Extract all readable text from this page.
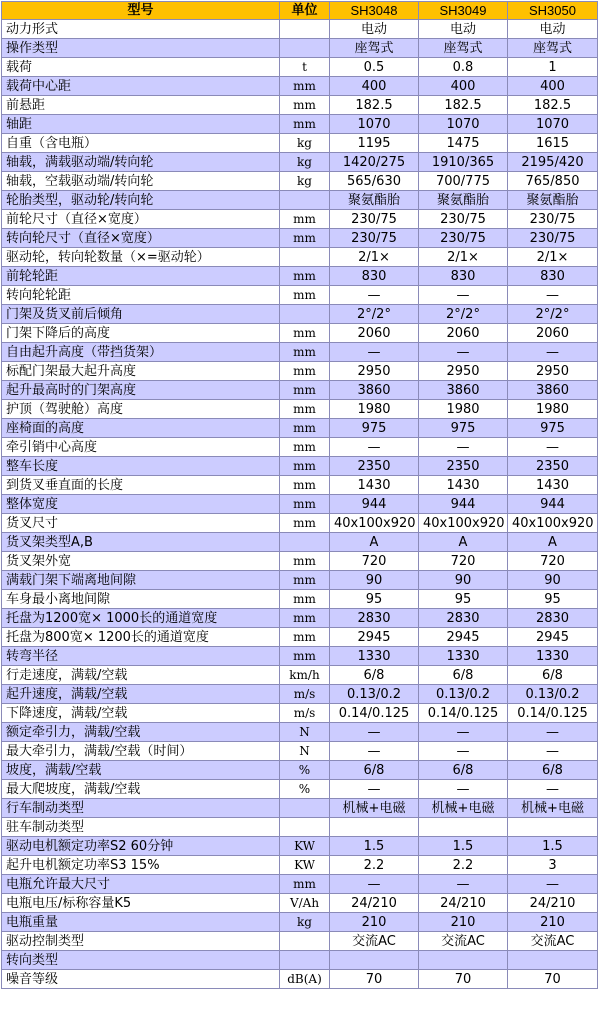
型号	单位	SH3048	SH3049	SH3050
动力形式		电动	电动	电动
操作类型		座驾式	座驾式	座驾式
载荷	t	0.5	0.8	1
载荷中心距	mm	400	400	400
前悬距	mm	182.5	182.5	182.5
轴距	mm	1070	1070	1070
自重（含电瓶）	kg	1195	1475	1615
轴载，满载驱动端/转向轮	kg	1420/275	1910/365	2195/420
轴载，空载驱动端/转向轮	kg	565/630	700/775	765/850
轮胎类型，驱动轮/转向轮		聚氨酯胎	聚氨酯胎	聚氨酯胎
前轮尺寸（直径×宽度）	mm	230/75	230/75	230/75
转向轮尺寸（直径×宽度）	mm	230/75	230/75	230/75
驱动轮，转向轮数量（×=驱动轮）		2/1×	2/1×	2/1×
前轮轮距	mm	830	830	830
转向轮轮距	mm	—	—	—
门架及货叉前后倾角		2°/2°	2°/2°	2°/2°
门架下降后的高度	mm	2060	2060	2060
自由起升高度（带挡货架）	mm	—	—	—
标配门架最大起升高度	mm	2950	2950	2950
起升最高时的门架高度	mm	3860	3860	3860
护顶（驾驶舱）高度	mm	1980	1980	1980
座椅面的高度	mm	975	975	975
牵引销中心高度	mm	—	—	—
整车长度	mm	2350	2350	2350
到货叉垂直面的长度	mm	1430	1430	1430
整体宽度	mm	944	944	944
货叉尺寸	mm	40x100x920	40x100x920	40x100x920
货叉架类型A,B		A	A	A
货叉架外宽	mm	720	720	720
满载门架下端离地间隙	mm	90	90	90
车身最小离地间隙	mm	95	95	95
托盘为1200宽× 1000长的通道宽度	mm	2830	2830	2830
托盘为800宽× 1200长的通道宽度	mm	2945	2945	2945
转弯半径	mm	1330	1330	1330
行走速度，满载/空载	km/h	6/8	6/8	6/8
起升速度，满载/空载	m/s	0.13/0.2	0.13/0.2	0.13/0.2
下降速度，满载/空载	m/s	0.14/0.125	0.14/0.125	0.14/0.125
额定牵引力，满载/空载	N	—	—	—
最大牵引力，满载/空载（时间）	N	—	—	—
坡度，满载/空载	%	6/8	6/8	6/8
最大爬坡度，满载/空载	%	—	—	—
行车制动类型		机械+电磁	机械+电磁	机械+电磁
驻车制动类型				
驱动电机额定功率S2 60分钟	KW	1.5	1.5	1.5
起升电机额定功率S3 15%	KW	2.2	2.2	3
电瓶允许最大尺寸	mm	—	—	—
电瓶电压/标称容量K5	V/Ah	24/210	24/210	24/210
电瓶重量	kg	210	210	210
驱动控制类型		交流AC	交流AC	交流AC
转向类型				
噪音等级	dB(A)	70	70	70
